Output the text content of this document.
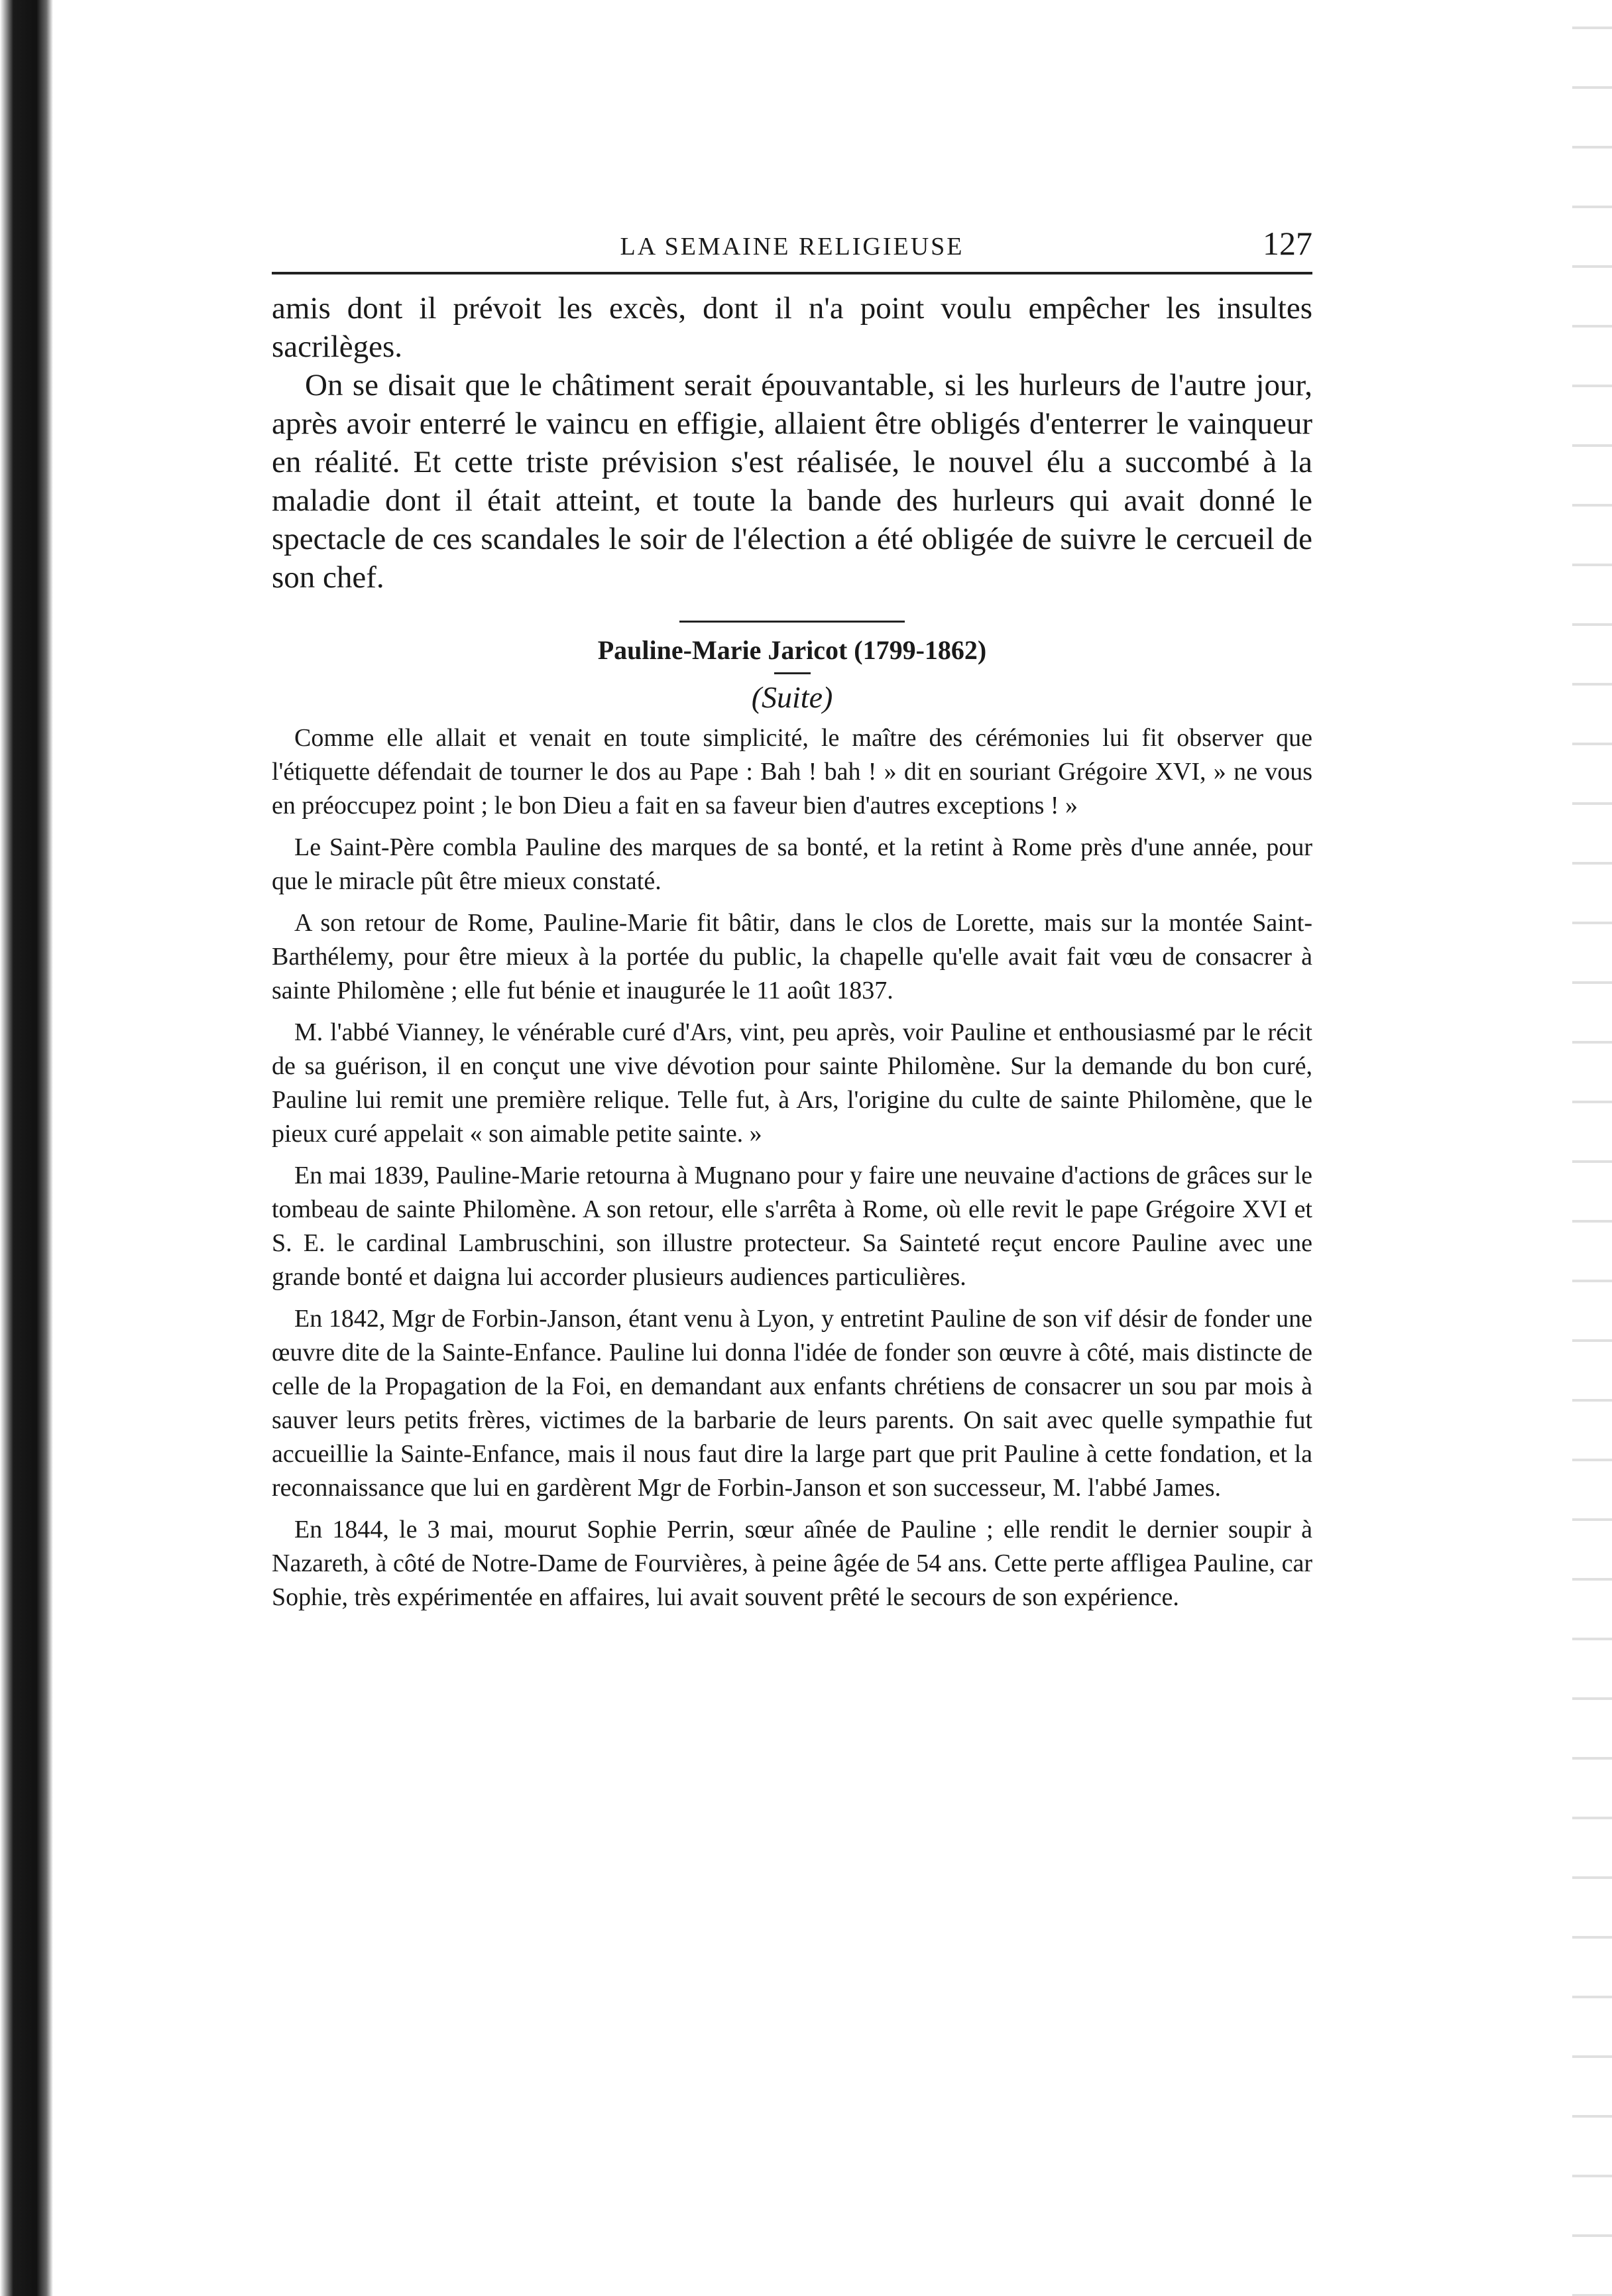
LA SEMAINE RELIGIEUSE	127

amis dont il prévoit les excès, dont il n'a point voulu empêcher les insultes sacrilèges.

On se disait que le châtiment serait épouvantable, si les hurleurs de l'autre jour, après avoir enterré le vaincu en effigie, allaient être obligés d'enterrer le vainqueur en réalité. Et cette triste prévision s'est réalisée, le nouvel élu a succombé à la maladie dont il était atteint, et toute la bande des hurleurs qui avait donné le spectacle de ces scandales le soir de l'élection a été obligée de suivre le cercueil de son chef.

Pauline-Marie Jaricot (1799-1862)
(Suite)

Comme elle allait et venait en toute simplicité, le maître des cérémonies lui fit observer que l'étiquette défendait de tourner le dos au Pape : Bah ! bah ! » dit en souriant Grégoire XVI, » ne vous en préoccupez point ; le bon Dieu a fait en sa faveur bien d'autres exceptions ! »

Le Saint-Père combla Pauline des marques de sa bonté, et la retint à Rome près d'une année, pour que le miracle pût être mieux constaté.

A son retour de Rome, Pauline-Marie fit bâtir, dans le clos de Lorette, mais sur la montée Saint-Barthélemy, pour être mieux à la portée du public, la chapelle qu'elle avait fait vœu de consacrer à sainte Philomène ; elle fut bénie et inaugurée le 11 août 1837.

M. l'abbé Vianney, le vénérable curé d'Ars, vint, peu après, voir Pauline et enthousiasmé par le récit de sa guérison, il en conçut une vive dévotion pour sainte Philomène. Sur la demande du bon curé, Pauline lui remit une première relique. Telle fut, à Ars, l'origine du culte de sainte Philomène, que le pieux curé appelait « son aimable petite sainte. »

En mai 1839, Pauline-Marie retourna à Mugnano pour y faire une neuvaine d'actions de grâces sur le tombeau de sainte Philomène. A son retour, elle s'arrêta à Rome, où elle revit le pape Grégoire XVI et S. E. le cardinal Lambruschini, son illustre protecteur. Sa Sainteté reçut encore Pauline avec une grande bonté et daigna lui accorder plusieurs audiences particulières.

En 1842, Mgr de Forbin-Janson, étant venu à Lyon, y entretint Pauline de son vif désir de fonder une œuvre dite de la Sainte-Enfance. Pauline lui donna l'idée de fonder son œuvre à côté, mais distincte de celle de la Propagation de la Foi, en demandant aux enfants chrétiens de consacrer un sou par mois à sauver leurs petits frères, victimes de la barbarie de leurs parents. On sait avec quelle sympathie fut accueillie la Sainte-Enfance, mais il nous faut dire la large part que prit Pauline à cette fondation, et la reconnaissance que lui en gardèrent Mgr de Forbin-Janson et son successeur, M. l'abbé James.

En 1844, le 3 mai, mourut Sophie Perrin, sœur aînée de Pauline ; elle rendit le dernier soupir à Nazareth, à côté de Notre-Dame de Fourvières, à peine âgée de 54 ans. Cette perte affligea Pauline, car Sophie, très expérimentée en affaires, lui avait souvent prêté le secours de son expérience.
